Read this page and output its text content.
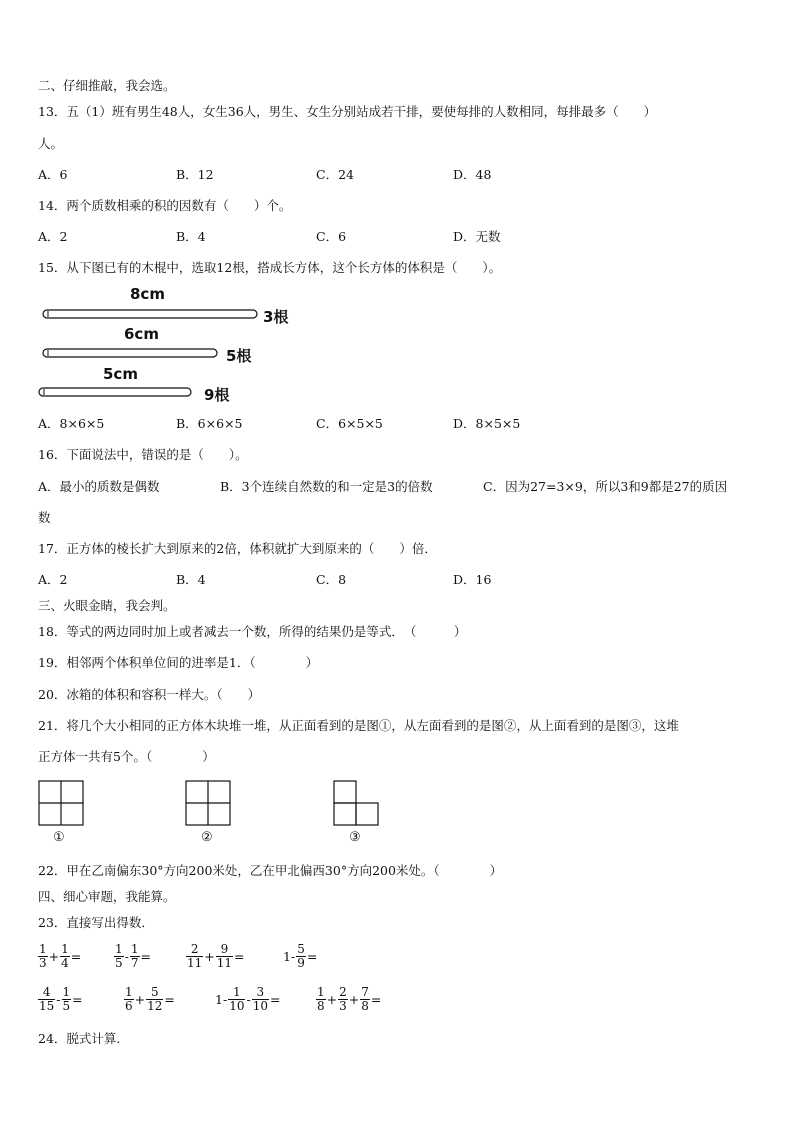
二、仔细推敲，我会选。
13．五（1）班有男生48人，女生36人，男生、女生分别站成若干排，要使每排的人数相同，每排最多（　　）
人。
A．6	B．12	C．24	D．48
14．两个质数相乘的积的因数有（　　）个。
A．2	B．4	C．6	D．无数
15．从下图已有的木棍中，选取12根，搭成长方体，这个长方体的体积是（　　）。
8cm
3根
6cm
5根
5cm
9根
A．8×6×5	B．6×6×5	C．6×5×5	D．8×5×5
16．下面说法中，错误的是（　　）。
A．最小的质数是偶数	B．3个连续自然数的和一定是3的倍数	C．因为27=3×9，所以3和9都是27的质因
数
17．正方体的棱长扩大到原来的2倍，体积就扩大到原来的（　　）倍．
A．2	B．4	C．8	D．16
三、火眼金睛，我会判。
18．等式的两边同时加上或者减去一个数，所得的结果仍是等式．　（　　　）
19．相邻两个体积单位间的进率是1．（　　　　）
20．冰箱的体积和容积一样大。（　　）
21．将几个大小相同的正方体木块堆一堆，从正面看到的是图①，从左面看到的是图②，从上面看到的是图③，这堆
正方体一共有5个。（　　　　）
①	②	③
22．甲在乙南偏东30°方向200米处，乙在甲北偏西30°方向200米处。（　　　　）
四、细心审题，我能算。
23．直接写出得数．
$\frac{1}{3} + \frac{1}{4}$ =	$\frac{1}{5} - \frac{1}{7}$ =	$\frac{2}{11} + \frac{9}{11}$ =	$1- \frac{5}{9}$ =
$\frac{4}{15} - \frac{1}{5}$ =	$\frac{1}{6} + \frac{5}{12}$ =	$1- \frac{1}{10} - \frac{3}{10}$ =	$\frac{1}{8} + \frac{2}{3} + \frac{7}{8}$ =
24．脱式计算.
